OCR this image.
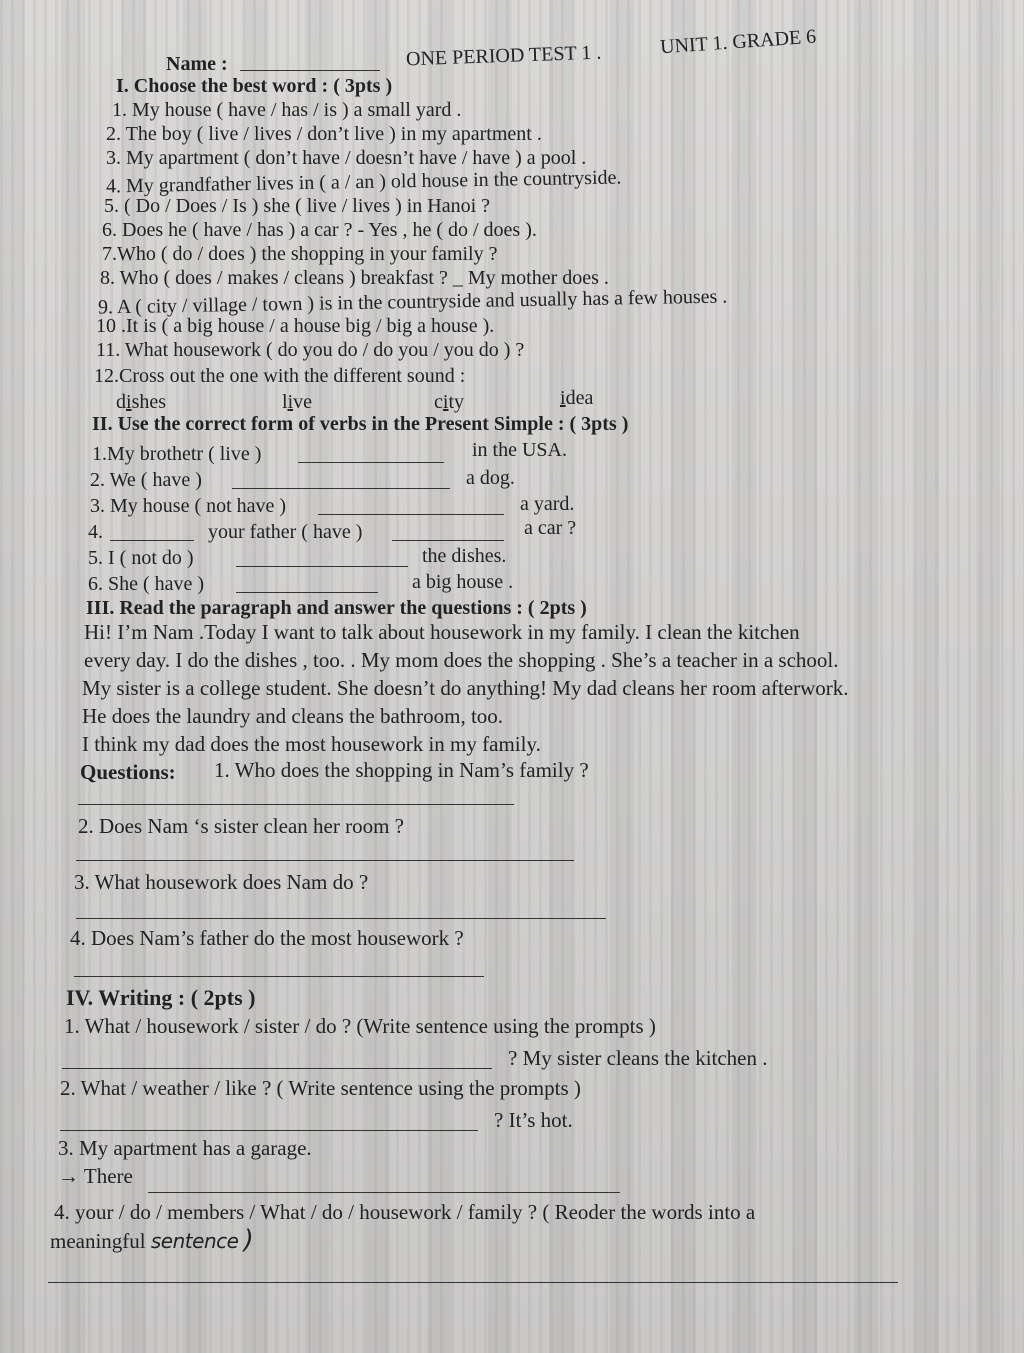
Name :	ONE PERIOD TEST 1 .	UNIT 1. GRADE 6
I. Choose the best word : ( 3pts )
1. My house ( have / has / is ) a small yard .
2. The boy ( live / lives / don’t live ) in my apartment .
3. My apartment ( don’t have / doesn’t have / have ) a pool .
4. My grandfather lives in ( a / an ) old house in the countryside.
5. ( Do / Does / Is ) she ( live / lives ) in Hanoi ?
6. Does he ( have / has ) a car ? - Yes , he ( do / does ).
7.Who ( do / does ) the shopping in your family ?
8. Who ( does / makes / cleans ) breakfast ? _ My mother does .
9. A ( city / village / town ) is in the countryside and usually has a few houses .
10 .It is ( a big house / a house big / big a house ).
11. What housework ( do you do / do you / you do ) ?
12.Cross out the one with the different sound :
dishes	live	city	idea
II. Use the correct form of verbs in the Present Simple : ( 3pts )
1.My brothetr ( live )	in the USA.
2. We ( have )	a dog.
3. My house ( not have )	a yard.
4.	your father ( have )	a car ?
5. I ( not do )	the dishes.
6. She ( have )	a big house .
III. Read the paragraph and answer the questions : ( 2pts )
Hi! I’m Nam .Today I want to talk about housework in my family. I clean the kitchen
every day. I do the dishes , too. . My mom does the shopping . She’s a teacher in a school.
My sister is a college student. She doesn’t do anything! My dad cleans her room afterwork.
He does the laundry and cleans the bathroom, too.
I think my dad does the most housework in my family.
Questions: 1. Who does the shopping in Nam’s family ?
2. Does Nam ‘s sister clean her room ?
3. What housework does Nam do ?
4. Does Nam’s father do the most housework ?
IV. Writing : ( 2pts )
1. What / housework / sister / do ? (Write sentence using the prompts )
? My sister cleans the kitchen .
2. What / weather / like ? ( Write sentence using the prompts )
? It’s hot.
3. My apartment has a garage.
→ There
4. your / do / members / What / do / housework / family ? ( Reoder the words into a
meaningful sentence )
